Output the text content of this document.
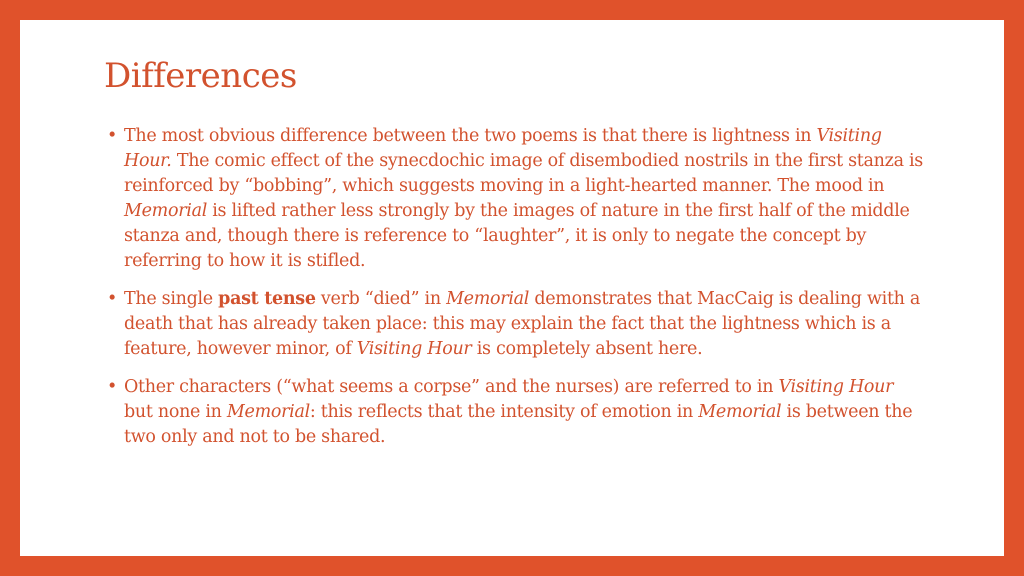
Differences
• The most obvious difference between the two poems is that there is lightness in Visiting Hour. The comic effect of the synecdochic image of disembodied nostrils in the first stanza is reinforced by “bobbing”, which suggests moving in a light-hearted manner. The mood in Memorial is lifted rather less strongly by the images of nature in the first half of the middle stanza and, though there is reference to “laughter”, it is only to negate the concept by referring to how it is stifled.
• The single past tense verb “died” in Memorial demonstrates that MacCaig is dealing with a death that has already taken place: this may explain the fact that the lightness which is a feature, however minor, of Visiting Hour is completely absent here.
• Other characters (“what seems a corpse” and the nurses) are referred to in Visiting Hour but none in Memorial: this reflects that the intensity of emotion in Memorial is between the two only and not to be shared.
